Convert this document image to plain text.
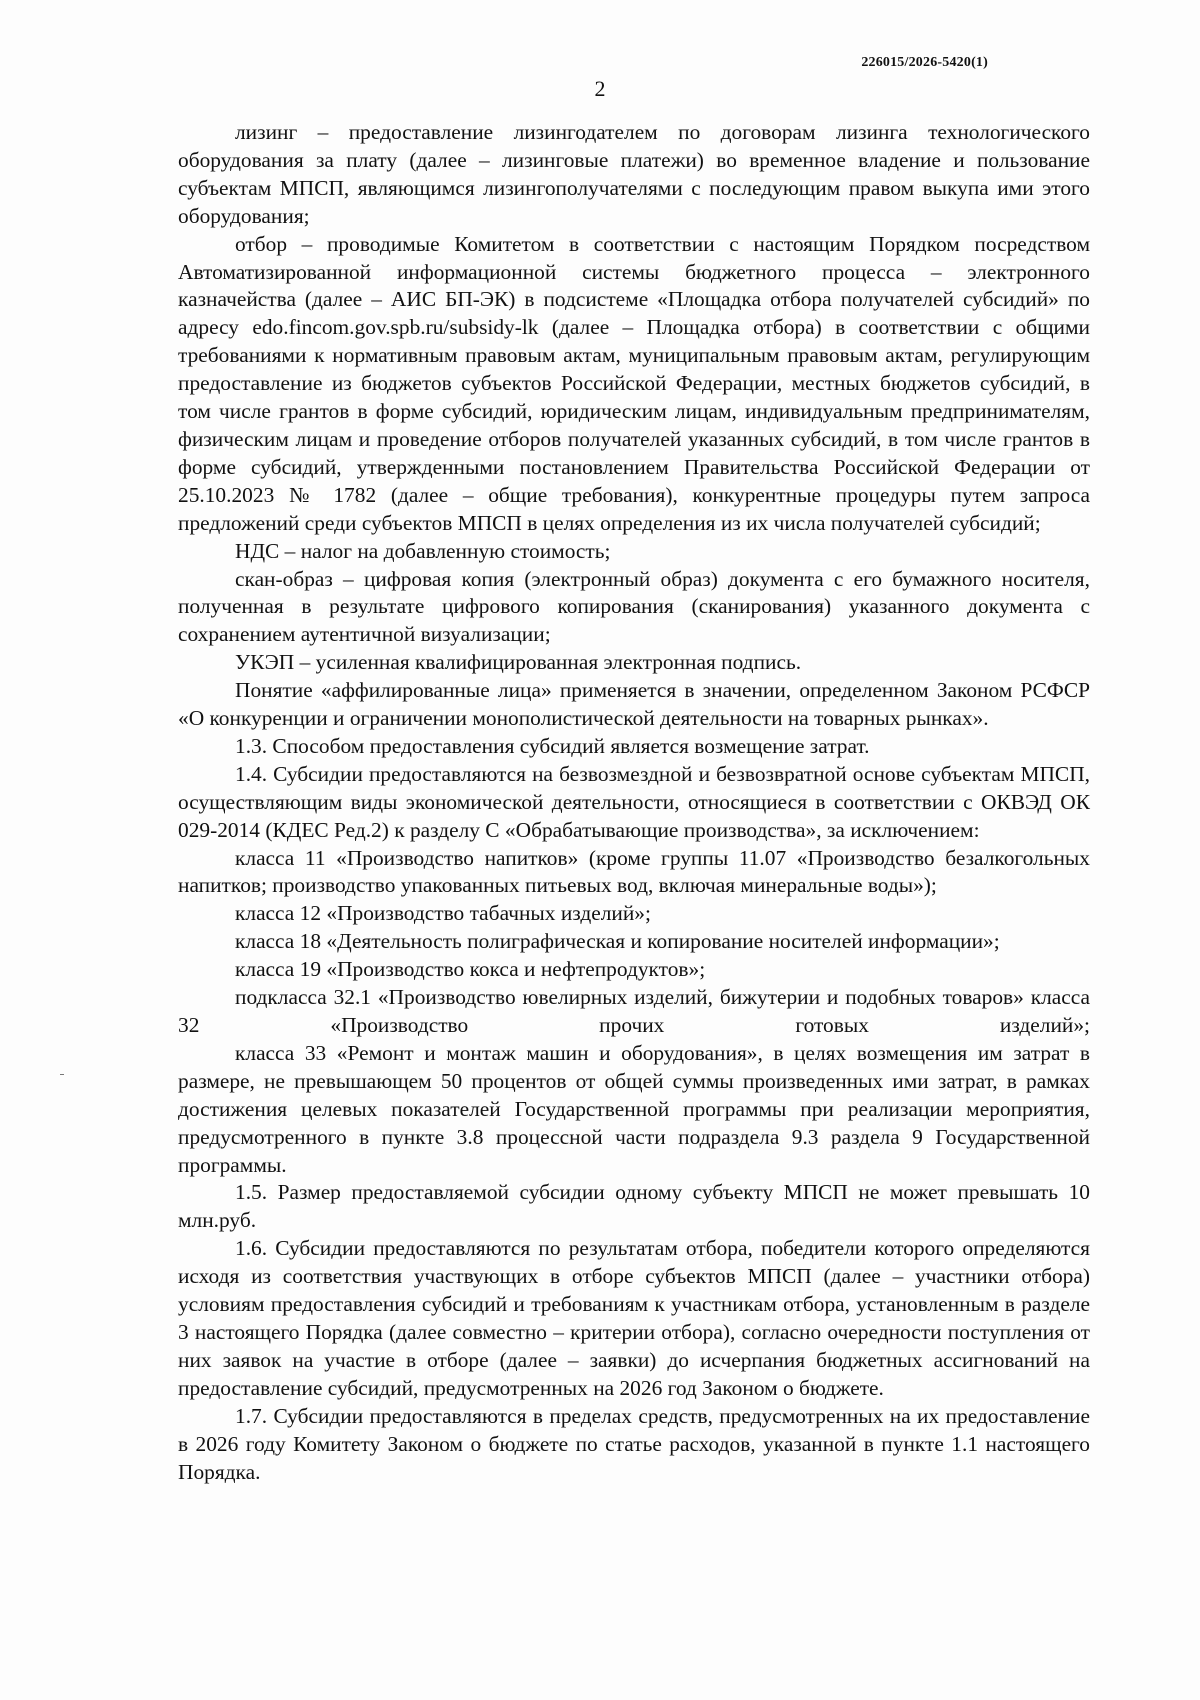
226015/2026-5420(1)
2

лизинг – предоставление лизингодателем по договорам лизинга технологического оборудования за плату (далее – лизинговые платежи) во временное владение и пользование субъектам МПСП, являющимся лизингополучателями с последующим правом выкупа ими этого оборудования;

отбор – проводимые Комитетом в соответствии с настоящим Порядком посредством Автоматизированной информационной системы бюджетного процесса – электронного казначейства (далее – АИС БП-ЭК) в подсистеме «Площадка отбора получателей субсидий» по адресу edo.fincom.gov.spb.ru/subsidy-lk (далее – Площадка отбора) в соответствии с общими требованиями к нормативным правовым актам, муниципальным правовым актам, регулирующим предоставление из бюджетов субъектов Российской Федерации, местных бюджетов субсидий, в том числе грантов в форме субсидий, юридическим лицам, индивидуальным предпринимателям, физическим лицам и проведение отборов получателей указанных субсидий, в том числе грантов в форме субсидий, утвержденными постановлением Правительства Российской Федерации от 25.10.2023 № 1782 (далее – общие требования), конкурентные процедуры путем запроса предложений среди субъектов МПСП в целях определения из их числа получателей субсидий;

НДС – налог на добавленную стоимость;

скан-образ – цифровая копия (электронный образ) документа с его бумажного носителя, полученная в результате цифрового копирования (сканирования) указанного документа с сохранением аутентичной визуализации;

УКЭП – усиленная квалифицированная электронная подпись.

Понятие «аффилированные лица» применяется в значении, определенном Законом РСФСР «О конкуренции и ограничении монополистической деятельности на товарных рынках».

1.3. Способом предоставления субсидий является возмещение затрат.

1.4. Субсидии предоставляются на безвозмездной и безвозвратной основе субъектам МПСП, осуществляющим виды экономической деятельности, относящиеся в соответствии с ОКВЭД ОК 029-2014 (КДЕС Ред.2) к разделу С «Обрабатывающие производства», за исключением:

класса 11 «Производство напитков» (кроме группы 11.07 «Производство безалкогольных напитков; производство упакованных питьевых вод, включая минеральные воды»);

класса 12 «Производство табачных изделий»;

класса 18 «Деятельность полиграфическая и копирование носителей информации»;

класса 19 «Производство кокса и нефтепродуктов»;

подкласса 32.1 «Производство ювелирных изделий, бижутерии и подобных товаров» класса 32 «Производство прочих готовых изделий»;

класса 33 «Ремонт и монтаж машин и оборудования», в целях возмещения им затрат в размере, не превышающем 50 процентов от общей суммы произведенных ими затрат, в рамках достижения целевых показателей Государственной программы при реализации мероприятия, предусмотренного в пункте 3.8 процессной части подраздела 9.3 раздела 9 Государственной программы.

1.5. Размер предоставляемой субсидии одному субъекту МПСП не может превышать 10 млн.руб.

1.6. Субсидии предоставляются по результатам отбора, победители которого определяются исходя из соответствия участвующих в отборе субъектов МПСП (далее – участники отбора) условиям предоставления субсидий и требованиям к участникам отбора, установленным в разделе 3 настоящего Порядка (далее совместно – критерии отбора), согласно очередности поступления от них заявок на участие в отборе (далее – заявки) до исчерпания бюджетных ассигнований на предоставление субсидий, предусмотренных на 2026 год Законом о бюджете.

1.7. Субсидии предоставляются в пределах средств, предусмотренных на их предоставление в 2026 году Комитету Законом о бюджете по статье расходов, указанной в пункте 1.1 настоящего Порядка.
